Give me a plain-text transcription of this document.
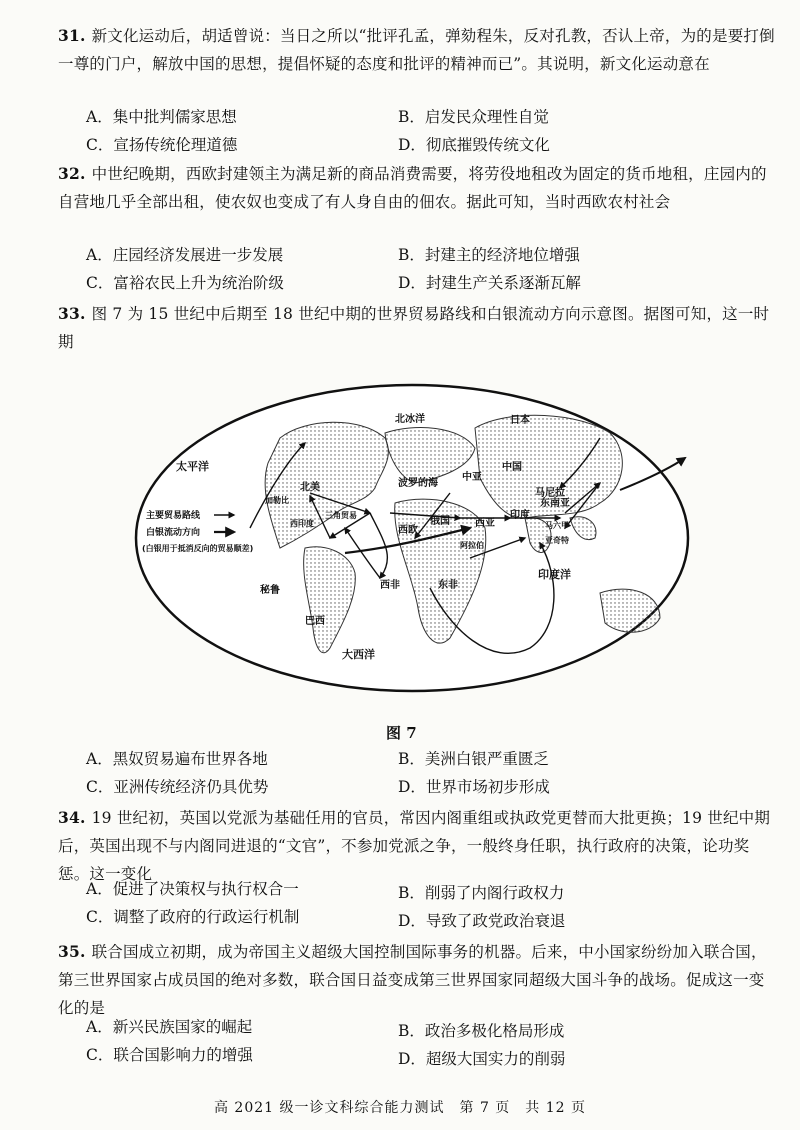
31. 新文化运动后，胡适曾说：当日之所以“批评孔孟，弹劾程朱，反对孔教，否认上帝，为的是要打倒一尊的门户，解放中国的思想，提倡怀疑的态度和批评的精神而已”。其说明，新文化运动意在
A．集中批判儒家思想	B．启发民众理性自觉
C．宣扬传统伦理道德	D．彻底摧毁传统文化
32. 中世纪晚期，西欧封建领主为满足新的商品消费需要，将劳役地租改为固定的货币地租，庄园内的自营地几乎全部出租，使农奴也变成了有人身自由的佃农。据此可知，当时西欧农村社会
A．庄园经济发展进一步发展	B．封建主的经济地位增强
C．富裕农民上升为统治阶级	D．封建生产关系逐渐瓦解
33. 图 7 为 15 世纪中后期至 18 世纪中期的世界贸易路线和白银流动方向示意图。据图可知，这一时期
北冰洋
太平洋
北美	波罗的海
中亚
日本
中国
马尼拉
东南亚
西欧
俄国	西亚
印度
三角贸易
西印度
加勒比
秘鲁
巴西
西非	东非
阿拉伯
马六甲
亚奇特
印度洋
大西洋
主要贸易路线
白银流动方向
(白银用于抵消反向的贸易顺差)
图 7
A．黑奴贸易遍布世界各地	B．美洲白银严重匮乏
C．亚洲传统经济仍具优势	D．世界市场初步形成
34. 19 世纪初，英国以党派为基础任用的官员，常因内阁重组或执政党更替而大批更换；19 世纪中期后，英国出现不与内阁同进退的“文官”，不参加党派之争，一般终身任职，执行政府的决策，论功奖惩。这一变化
A．促进了决策权与执行权合一	B．削弱了内阁行政权力
C．调整了政府的行政运行机制	D．导致了政党政治衰退
35. 联合国成立初期，成为帝国主义超级大国控制国际事务的机器。后来，中小国家纷纷加入联合国，第三世界国家占成员国的绝对多数，联合国日益变成第三世界国家同超级大国斗争的战场。促成这一变化的是
A．新兴民族国家的崛起	B．政治多极化格局形成
C．联合国影响力的增强	D．超级大国实力的削弱
高 2021 级一诊文科综合能力测试　第 7 页　共 12 页
